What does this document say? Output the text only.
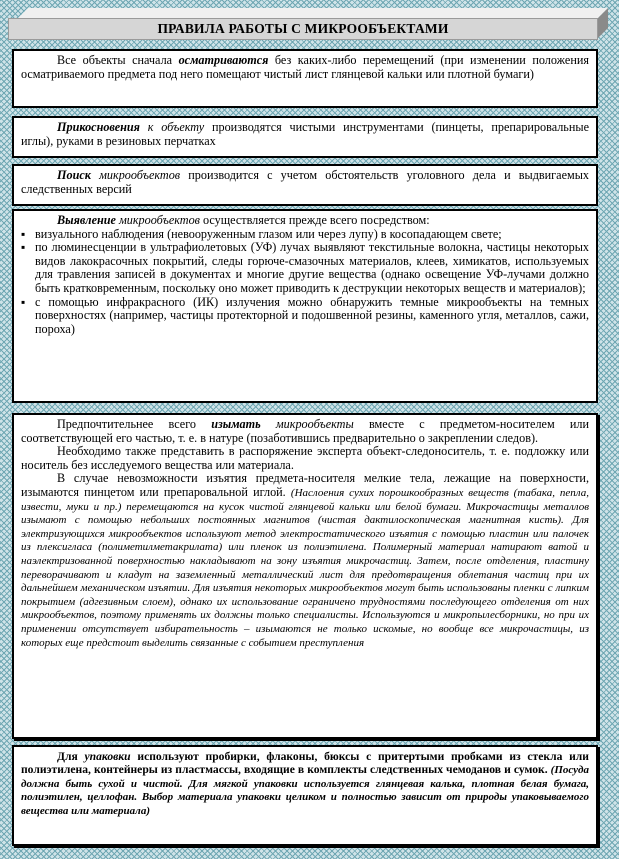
ПРАВИЛА РАБОТЫ С МИКРООБЪЕКТАМИ

Все объекты сначала осматриваются без каких-либо перемещений (при изменении положения осматриваемого предмета под него помещают чистый лист глянцевой кальки или плотной бумаги)

Прикосновения к объекту производятся чистыми инструментами (пинцеты, препарировальные иглы), руками в резиновых перчатках

Поиск микрообъектов производится с учетом обстоятельств уголовного дела и выдвигаемых следственных версий

Выявление микрообъектов осуществляется прежде всего посредством:

▪ визуального наблюдения (невооруженным глазом или через лупу) в косопадающем свете;
▪ по люминесценции в ультрафиолетовых (УФ) лучах выявляют текстильные волокна, частицы некоторых видов лакокрасочных покрытий, следы горюче-смазочных материалов, клеев, химикатов, используемых для травления записей в документах и многие другие вещества (однако освещение УФ-лучами должно быть кратковременным, поскольку оно может приводить к деструкции некоторых веществ и материалов);
▪ с помощью инфракрасного (ИК) излучения можно обнаружить темные микрообъекты на темных поверхностях (например, частицы протекторной и подошвенной резины, каменного угля, металлов, сажи, пороха)

Предпочтительнее всего изымать микрообъекты вместе с предметом-носителем или соответствующей его частью, т. е. в натуре (позаботившись предварительно о закреплении следов).

Необходимо также представить в распоряжение эксперта объект-следоноситель, т. е. подложку или носитель без исследуемого вещества или материала.

В случае невозможности изъятия предмета-носителя мелкие тела, лежащие на поверхности, изымаются пинцетом или препаровальной иглой. (Наслоения сухих порошкообразных веществ (табака, пепла, извести, муки и пр.) перемещаются на кусок чистой глянцевой кальки или белой бумаги. Микрочастицы металлов изымают с помощью небольших постоянных магнитов (чистая дактилоскопическая магнитная кисть). Для электризующихся микрообъектов используют метод электростатического изъятия с помощью пластин или палочек из плексигласа (полиметилметакрилата) или пленок из полиэтилена. Полимерный материал натирают ватой и наэлектризованной поверхностью накладывают на зону изъятия микрочастиц. Затем, после отделения, пластину переворачивают и кладут на заземленный металлический лист для предотвращения облетания частиц при их дальнейшем механическом изъятии. Для изъятия некоторых микрообъектов могут быть использованы пленки с липким покрытием (адгезивным слоем), однако их использование ограничено трудностями последующего отделения от них микрообъектов, поэтому применять их должны только специалисты. Используются и микропылесборники, но при их применении отсутствует избирательность – изымаются не только искомые, но вообще все микрочастицы, из которых еще предстоит выделить связанные с событием преступления

Для упаковки используют пробирки, флаконы, бюксы с притертыми пробками из стекла или полиэтилена, контейнеры из пластмассы, входящие в комплекты следственных чемоданов и сумок. (Посуда должна быть сухой и чистой. Для мягкой упаковки используется глянцевая калька, плотная белая бумага, полиэтилен, целлофан. Выбор материала упаковки целиком и полностью зависит от природы упаковываемого вещества или материала)
